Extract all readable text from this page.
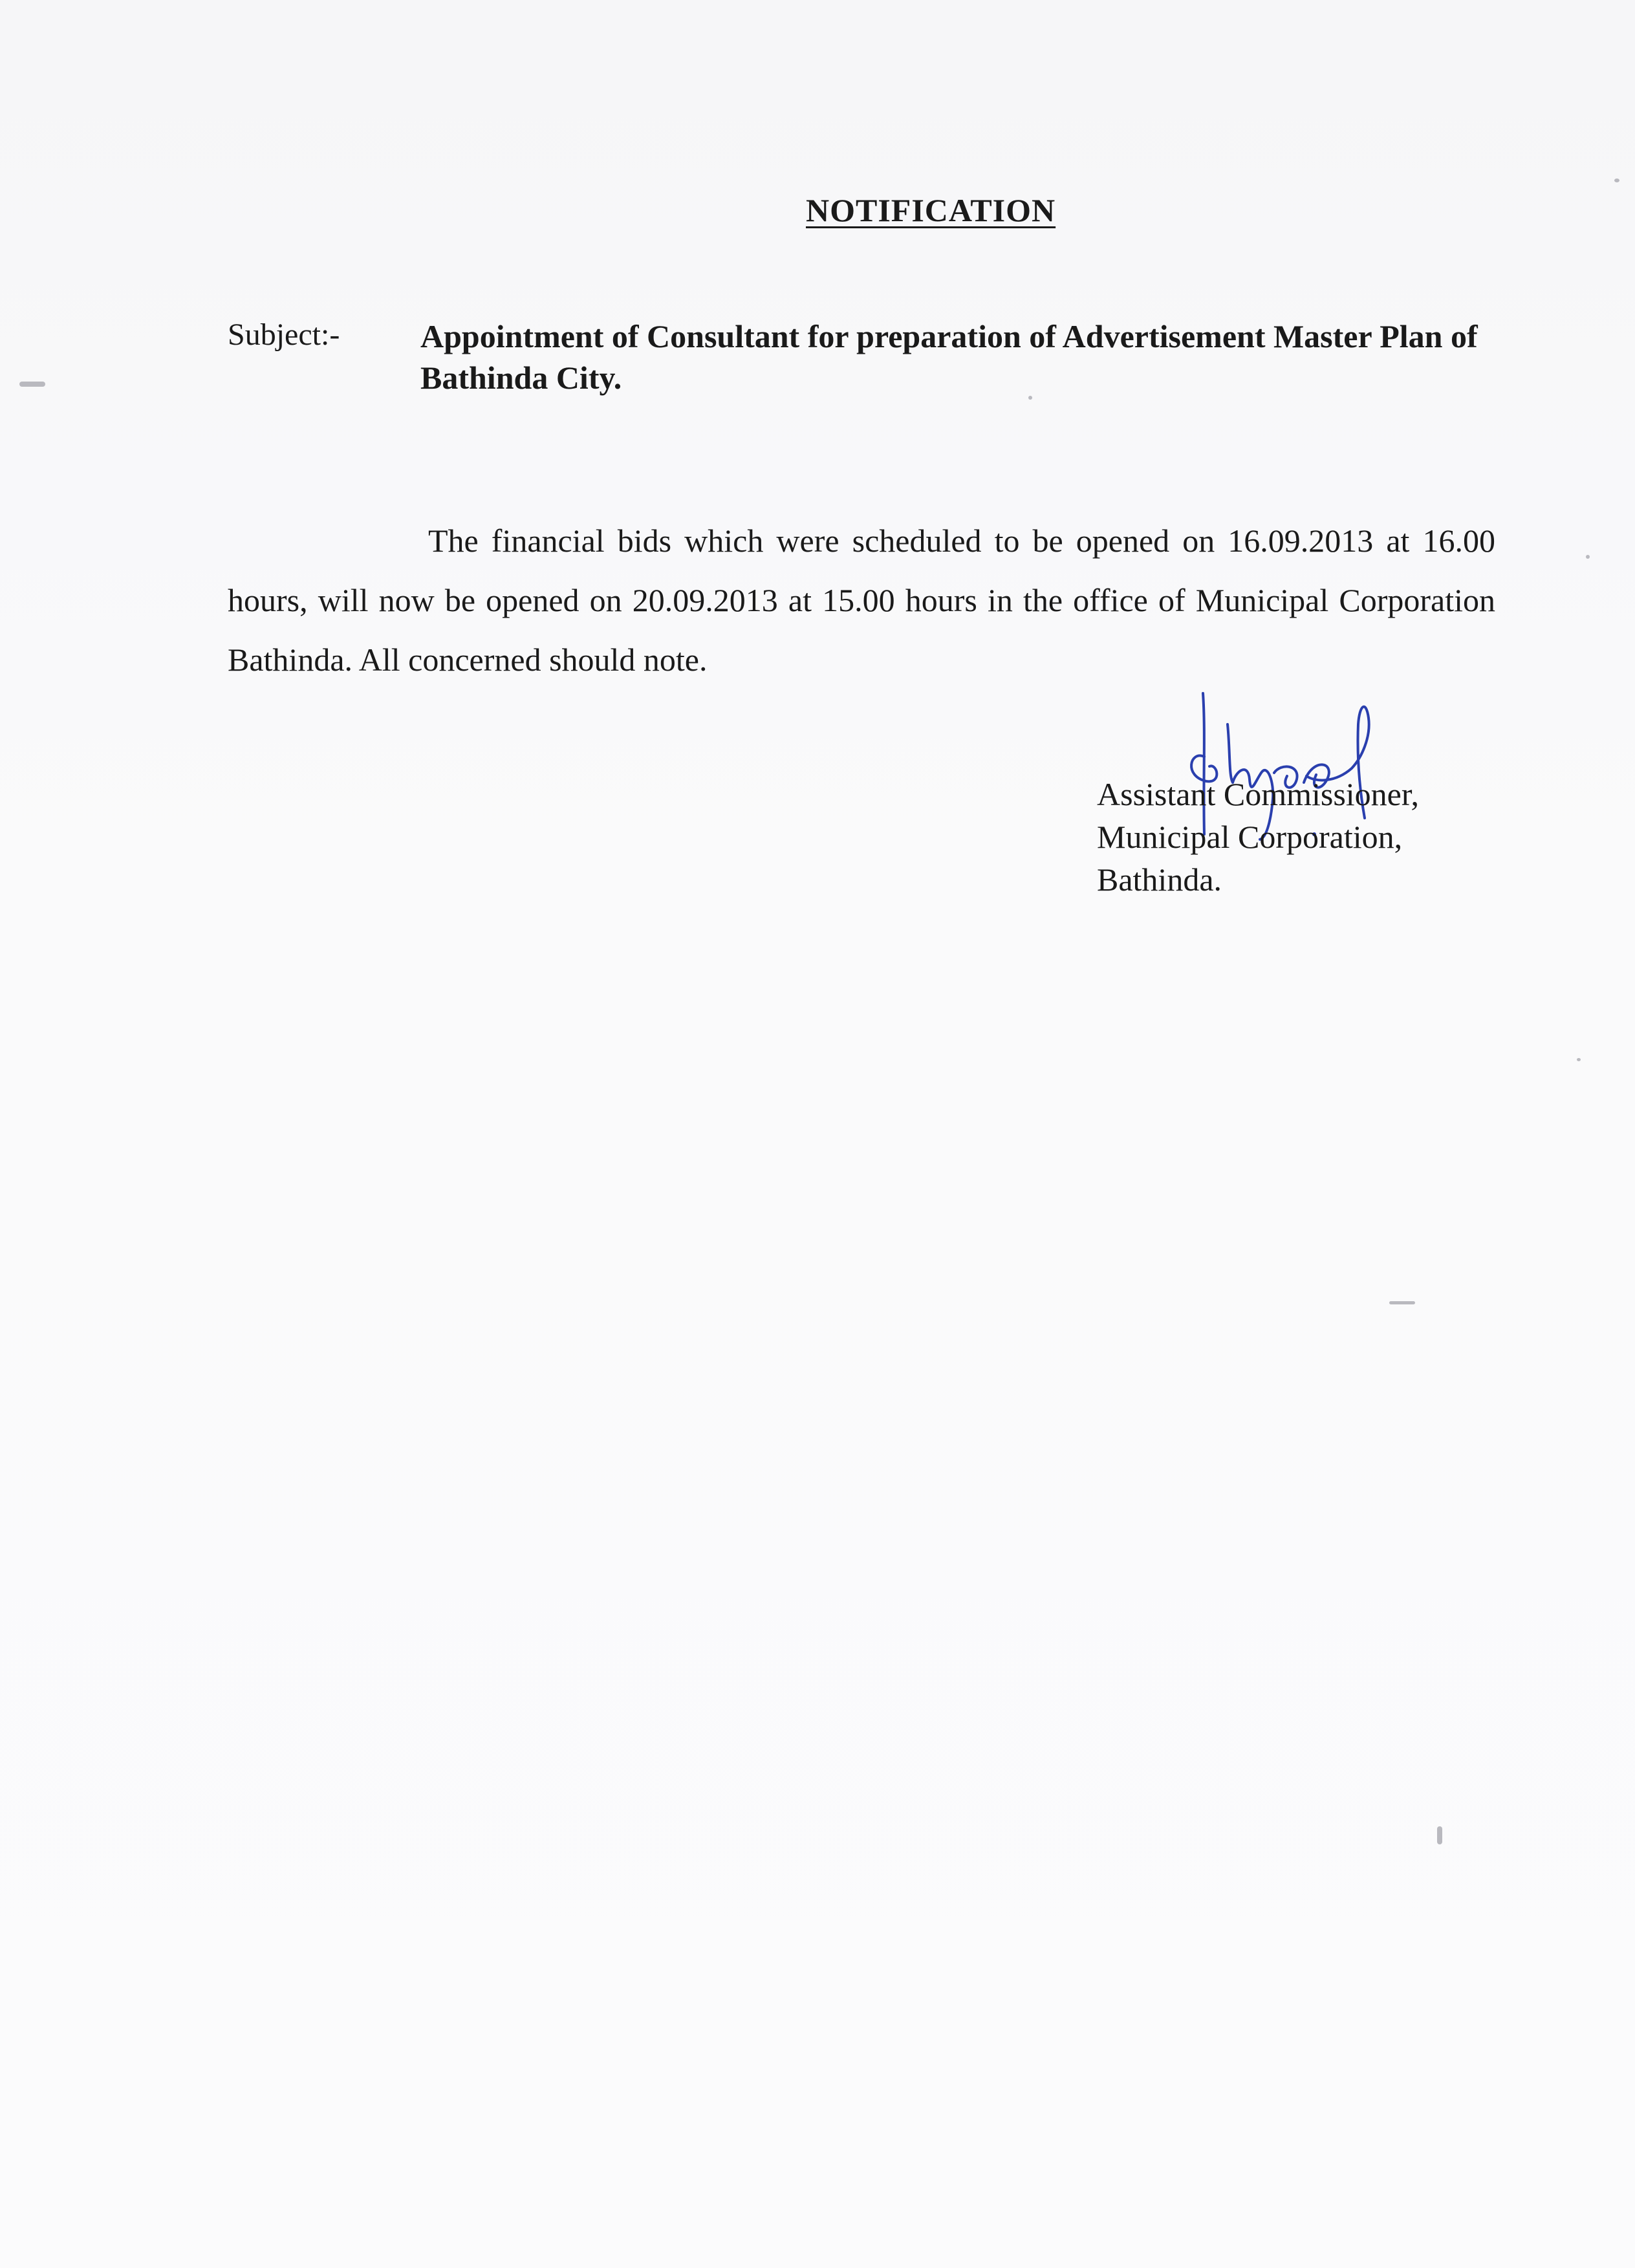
NOTIFICATION
Subject:- Appointment of Consultant for preparation of Advertisement Master Plan of Bathinda City.
The financial bids which were scheduled to be opened on 16.09.2013 at 16.00 hours, will now be opened on 20.09.2013 at 15.00 hours in the office of Municipal Corporation Bathinda. All concerned should note.
Assistant Commissioner,
Municipal Corporation,
Bathinda.
